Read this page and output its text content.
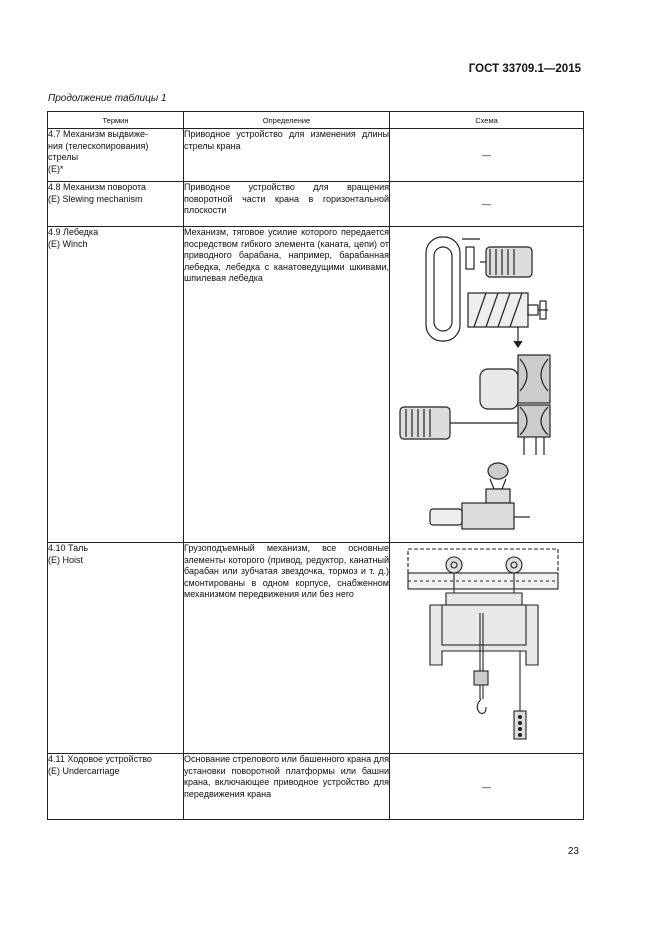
ГОСТ 33709.1—2015
Продолжение таблицы 1
Термин	Определение	Схема

4.7 Механизм выдвиже-
ния (телескопирования)
стрелы
(E)*	Приводное устройство для изменения длины стрелы крана	—

4.8 Механизм поворота
(E) Slewing mechanism	Приводное устройство для вращения поворотной части крана в горизонтальной плоскости	—

4.9 Лебедка
(E) Winch	Механизм, тяговое усилие которого передается посредством гибкого элемента (каната, цепи) от приводного барабана, например, барабанная лебедка, лебедка с канатоведущими шкивами, шпилевая лебедка	

4.10 Таль
(E) Hoist	Грузоподъемный механизм, все основные элементы которого (привод, редуктор, канатный барабан или зубчатая звездочка, тормоз и т. д.) смонтированы в одном корпусе, снабженном механизмом передвижения или без него	

4.11 Ходовое устройство
(E) Undercarriage	Основание стрелового или башенного крана для установки поворотной платформы или башни крана, включающее приводное устройство для передвижения крана	—
23
